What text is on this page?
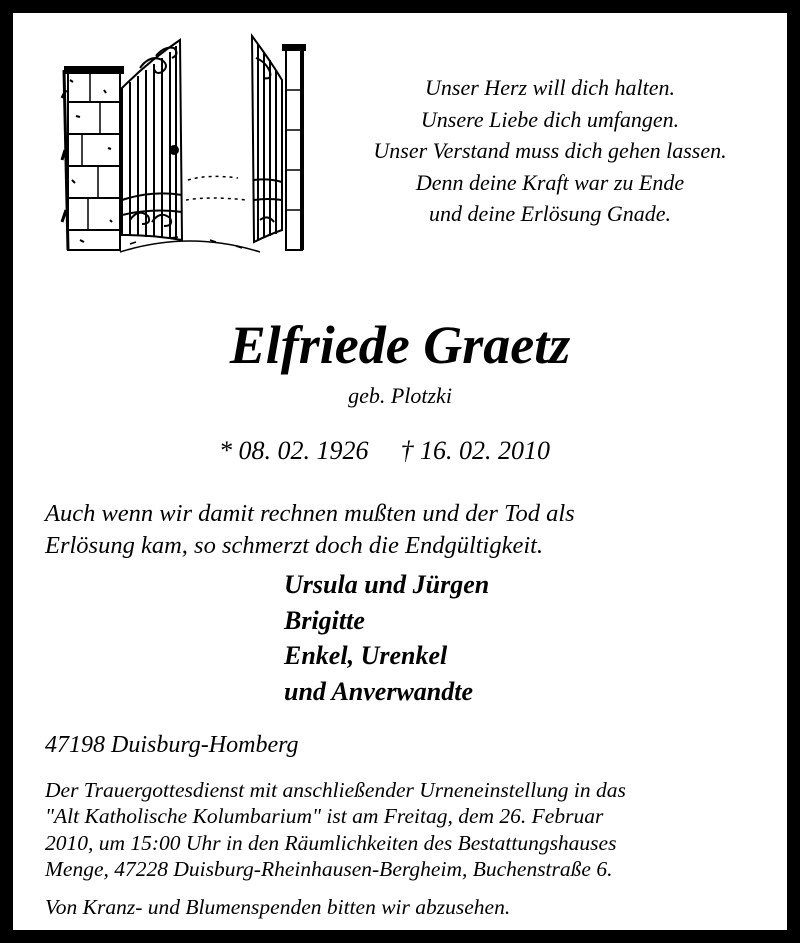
Unser Herz will dich halten.
Unsere Liebe dich umfangen.
Unser Verstand muss dich gehen lassen.
Denn deine Kraft war zu Ende
und deine Erlösung Gnade.
Elfriede Graetz
geb. Plotzki
* 08. 02. 1926 † 16. 02. 2010
Auch wenn wir damit rechnen mußten und der Tod als
Erlösung kam, so schmerzt doch die Endgültigkeit.
Ursula und Jürgen
Brigitte
Enkel, Urenkel
und Anverwandte
47198 Duisburg-Homberg
Der Trauergottesdienst mit anschließender Urneneinstellung in das
"Alt Katholische Kolumbarium" ist am Freitag, dem 26. Februar
2010, um 15:00 Uhr in den Räumlichkeiten des Bestattungshauses
Menge, 47228 Duisburg-Rheinhausen-Bergheim, Buchenstraße 6.
Von Kranz- und Blumenspenden bitten wir abzusehen.
